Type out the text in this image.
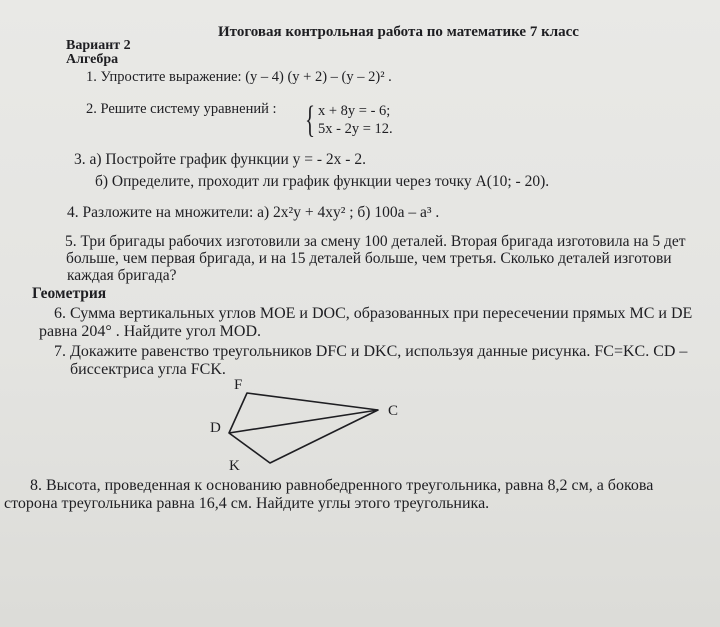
Итоговая контрольная работа по математике 7 класс
Вариант 2
Алгебра
1. Упростите выражение: (y – 4) (y + 2) – (y – 2)² .
2. Решите систему уравнений : { x + 8y = - 6;
5x - 2y = 12.
3. а) Постройте график функции y = - 2x - 2.
б) Определите, проходит ли график функции через точку A(10; - 20).
4. Разложите на множители: а) 2x²y + 4xy² ; б) 100a – a³ .
5. Три бригады рабочих изготовили за смену 100 деталей. Вторая бригада изготовила на 5 дет
больше, чем первая бригада, и на 15 деталей больше, чем третья. Сколько деталей изготови
каждая бригада?
Геометрия
6. Сумма вертикальных углов MOE и DOC, образованных при пересечении прямых MC и DE
равна 204° . Найдите угол MOD.
7. Докажите равенство треугольников DFC и DKC, используя данные рисунка. FC=KC. CD –
биссектриса угла FCK.
F
C
D
K
8. Высота, проведенная к основанию равнобедренного треугольника, равна 8,2 см, а бокова
сторона треугольника равна 16,4 см. Найдите углы этого треугольника.
